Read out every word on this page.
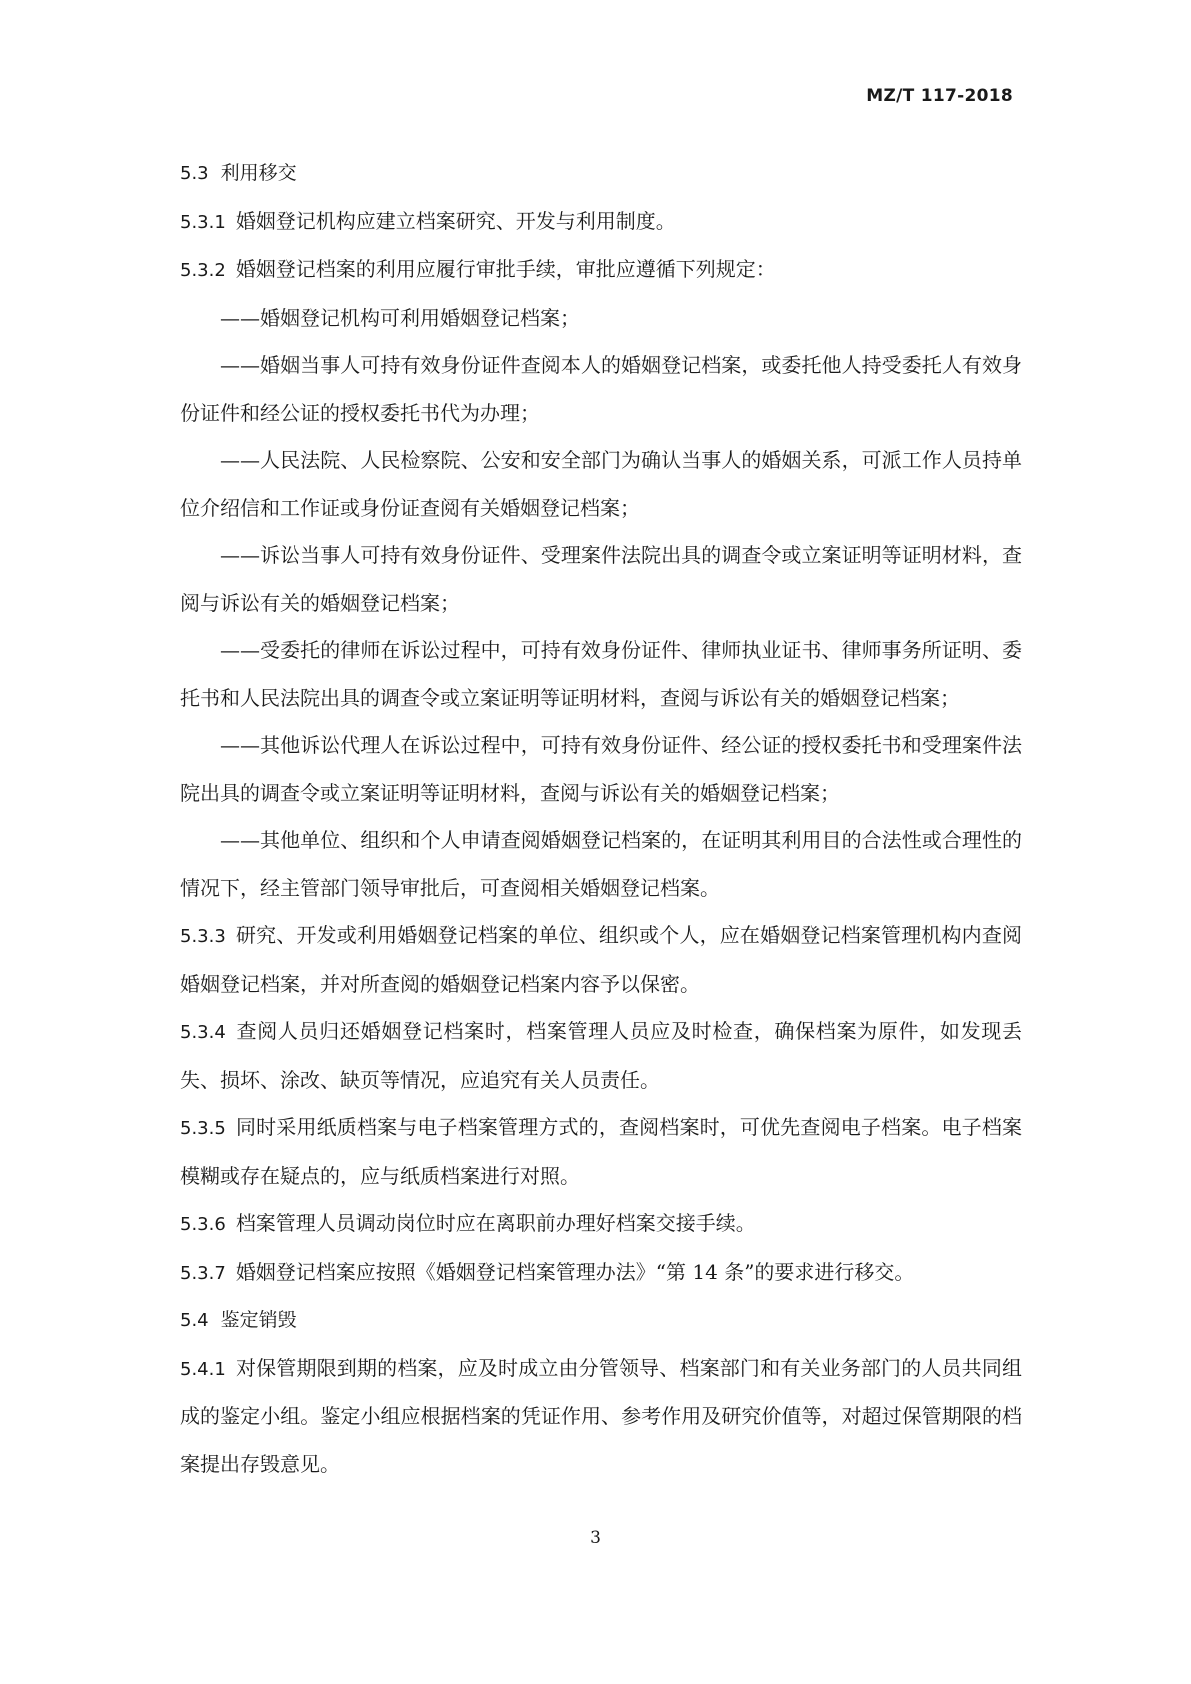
MZ/T 117-2018

5.3 利用移交

5.3.1 婚姻登记机构应建立档案研究、开发与利用制度。

5.3.2 婚姻登记档案的利用应履行审批手续，审批应遵循下列规定：

——婚姻登记机构可利用婚姻登记档案；

——婚姻当事人可持有效身份证件查阅本人的婚姻登记档案，或委托他人持受委托人有效身份证件和经公证的授权委托书代为办理；

——人民法院、人民检察院、公安和安全部门为确认当事人的婚姻关系，可派工作人员持单位介绍信和工作证或身份证查阅有关婚姻登记档案；

——诉讼当事人可持有效身份证件、受理案件法院出具的调查令或立案证明等证明材料，查阅与诉讼有关的婚姻登记档案；

——受委托的律师在诉讼过程中，可持有效身份证件、律师执业证书、律师事务所证明、委托书和人民法院出具的调查令或立案证明等证明材料，查阅与诉讼有关的婚姻登记档案；

——其他诉讼代理人在诉讼过程中，可持有效身份证件、经公证的授权委托书和受理案件法院出具的调查令或立案证明等证明材料，查阅与诉讼有关的婚姻登记档案；

——其他单位、组织和个人申请查阅婚姻登记档案的，在证明其利用目的合法性或合理性的情况下，经主管部门领导审批后，可查阅相关婚姻登记档案。

5.3.3 研究、开发或利用婚姻登记档案的单位、组织或个人，应在婚姻登记档案管理机构内查阅婚姻登记档案，并对所查阅的婚姻登记档案内容予以保密。

5.3.4 查阅人员归还婚姻登记档案时，档案管理人员应及时检查，确保档案为原件，如发现丢失、损坏、涂改、缺页等情况，应追究有关人员责任。

5.3.5 同时采用纸质档案与电子档案管理方式的，查阅档案时，可优先查阅电子档案。电子档案模糊或存在疑点的，应与纸质档案进行对照。

5.3.6 档案管理人员调动岗位时应在离职前办理好档案交接手续。

5.3.7 婚姻登记档案应按照《婚姻登记档案管理办法》“第 14 条”的要求进行移交。

5.4 鉴定销毁

5.4.1 对保管期限到期的档案，应及时成立由分管领导、档案部门和有关业务部门的人员共同组成的鉴定小组。鉴定小组应根据档案的凭证作用、参考作用及研究价值等，对超过保管期限的档案提出存毁意见。

3
